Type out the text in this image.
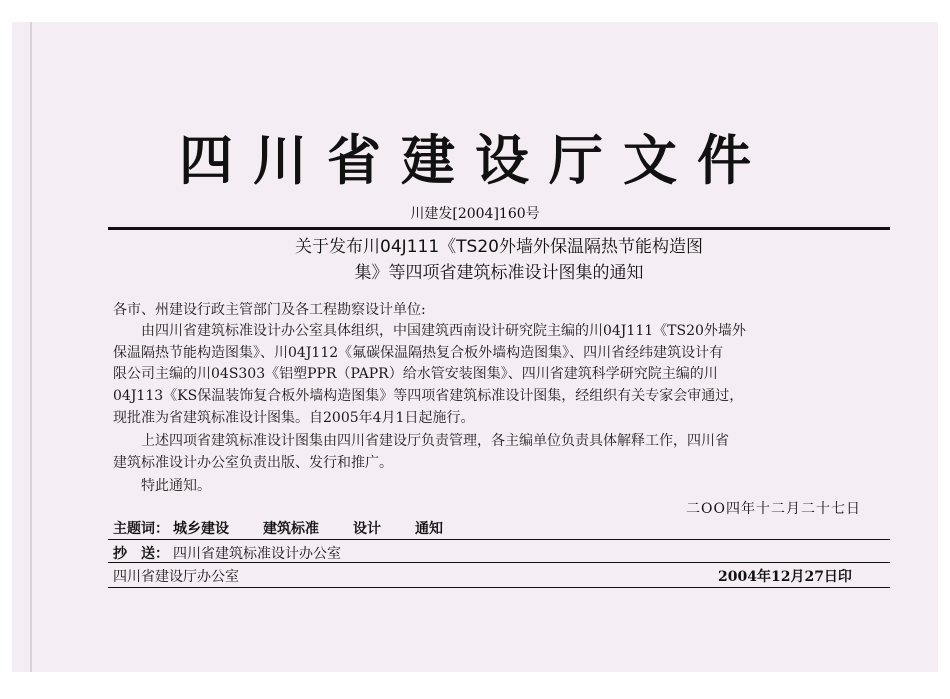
四川省建设厅文件
川建发[2004]160号
关于发布川04J111《TS20外墙外保温隔热节能构造图
集》等四项省建筑标准设计图集的通知
各市、州建设行政主管部门及各工程勘察设计单位:
　　由四川省建筑标准设计办公室具体组织，中国建筑西南设计研究院主编的川04J111《TS20外墙外
保温隔热节能构造图集》、川04J112《氟碳保温隔热复合板外墙构造图集》、四川省经纬建筑设计有
限公司主编的川04S303《铝塑PPR（PAPR）给水管安装图集》、四川省建筑科学研究院主编的川
04J113《KS保温装饰复合板外墙构造图集》等四项省建筑标准设计图集，经组织有关专家会审通过，
现批准为省建筑标准设计图集。自2005年4月1日起施行。
　　上述四项省建筑标准设计图集由四川省建设厅负责管理，各主编单位负责具体解释工作，四川省
建筑标准设计办公室负责出版、发行和推广。
　　特此通知。
二OO四年十二月二十七日
主题词： 城乡建设 建筑标准 设计 通知
抄　送： 四川省建筑标准设计办公室
四川省建设厅办公室	2004年12月27日印
